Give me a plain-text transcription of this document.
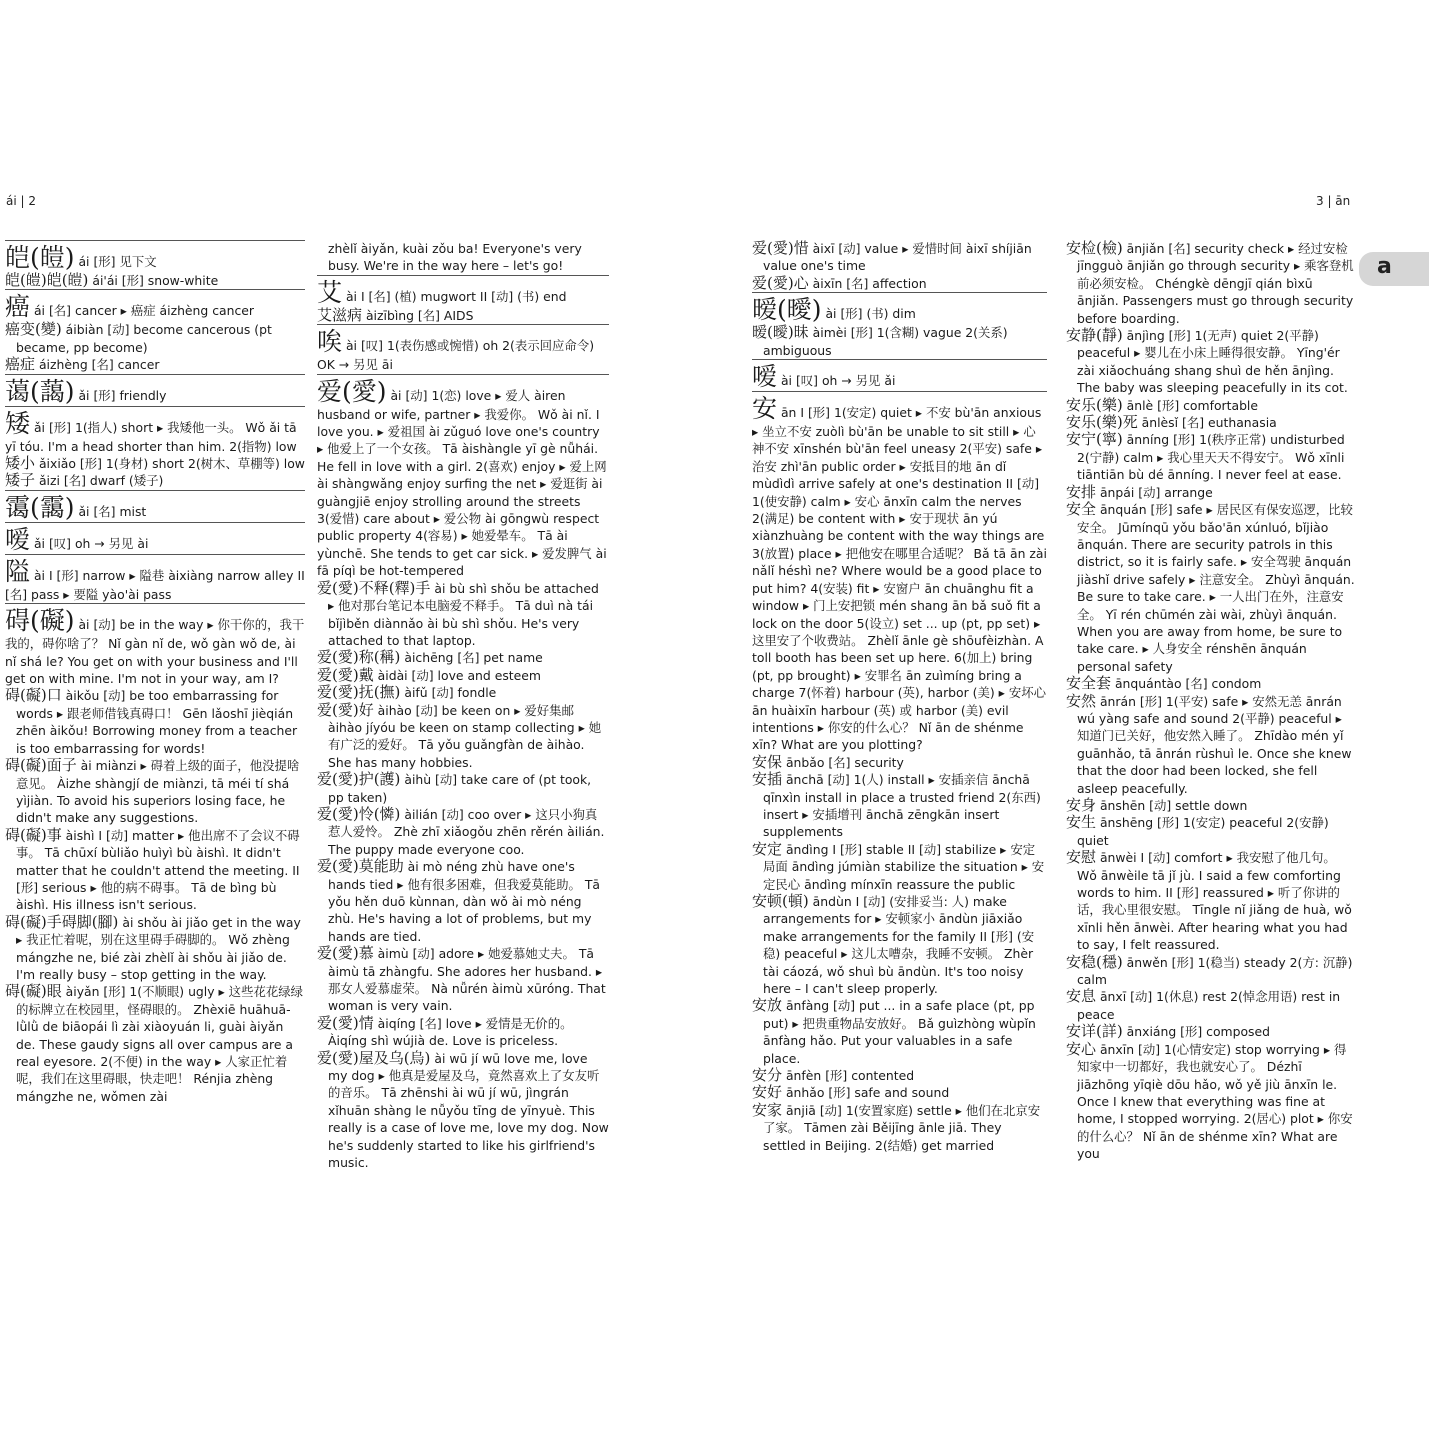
ái | 2	3 | ān
皑(皚) ái [形] 见下文
皑(皚)皑(皚) ái'ái [形] snow-white
癌 ái [名] cancer ▸ 癌症 áizhèng cancer
癌变(變) áibiàn [动] become cancerous (pt became, pp become)
癌症 áizhèng [名] cancer
蔼(藹) ǎi [形] friendly
矮 ǎi [形] 1(指人) short ▸ 我矮他一头。 Wǒ ǎi tā yī tóu. I'm a head shorter than him. 2(指物) low
矮小 ǎixiǎo [形] 1(身材) short 2(树木、草棚等) low
矮子 ǎizi [名] dwarf (矮子)
霭(靄) ǎi [名] mist
嗳 ǎi [叹] oh → 另见 ài
隘 ài I [形] narrow ▸ 隘巷 àixiàng narrow alley II [名] pass ▸ 要隘 yào'ài pass
碍(礙) ài [动] be in the way ▸ 你干你的，我干我的，碍你啥了？ Nǐ gàn nǐ de, wǒ gàn wǒ de, ài nǐ shá le? You get on with your business and I'll get on with mine. I'm not in your way, am I?
碍(礙)口 àikǒu [动] be too embarrassing for words ▸ 跟老师借钱真碍口！ Gēn lǎoshī jièqián zhēn àikǒu! Borrowing money from a teacher is too embarrassing for words!
碍(礙)面子 ài miànzi ▸ 碍着上级的面子，他没提啥意见。 Àizhe shàngjí de miànzi, tā méi tí shá yìjiàn. To avoid his superiors losing face, he didn't make any suggestions.
碍(礙)事 àishì I [动] matter ▸ 他出席不了会议不碍事。 Tā chūxí bùliǎo huìyì bù àishì. It didn't matter that he couldn't attend the meeting. II [形] serious ▸ 他的病不碍事。 Tā de bìng bù àishì. His illness isn't serious.
碍(礙)手碍脚(腳) ài shǒu ài jiǎo get in the way ▸ 我正忙着呢，别在这里碍手碍脚的。 Wǒ zhèng mángzhe ne, bié zài zhèlǐ ài shǒu ài jiǎo de. I'm really busy – stop getting in the way.
碍(礙)眼 àiyǎn [形] 1(不顺眼) ugly ▸ 这些花花绿绿的标牌立在校园里，怪碍眼的。 Zhèxiē huāhuā-lǜlǜ de biāopái lì zài xiàoyuán li, guài àiyǎn de. These gaudy signs all over campus are a real eyesore. 2(不便) in the way ▸ 人家正忙着呢，我们在这里碍眼，快走吧！ Rénjia zhèng mángzhe ne, wǒmen zài
zhèlǐ àiyǎn, kuài zǒu ba! Everyone's very busy. We're in the way here – let's go!
艾 ài I [名] (植) mugwort II [动] (书) end
艾滋病 àizībìng [名] AIDS
唉 ài [叹] 1(表伤感或惋惜) oh 2(表示回应命令) OK → 另见 āi
爱(愛) ài [动] 1(恋) love ▸ 爱人 àiren husband or wife, partner ▸ 我爱你。 Wǒ ài nǐ. I love you. ▸ 爱祖国 ài zǔguó love one's country ▸ 他爱上了一个女孩。 Tā àishàngle yī gè nǚhái. He fell in love with a girl. 2(喜欢) enjoy ▸ 爱上网 ài shàngwǎng enjoy surfing the net ▸ 爱逛街 ài guàngjiē enjoy strolling around the streets 3(爱惜) care about ▸ 爱公物 ài gōngwù respect public property 4(容易) ▸ 她爱晕车。 Tā ài yùnchē. She tends to get car sick. ▸ 爱发脾气 ài fā píqì be hot-tempered
爱(愛)不释(釋)手 ài bù shì shǒu be attached ▸ 他对那台笔记本电脑爱不释手。 Tā duì nà tái bǐjìběn diànnǎo ài bù shì shǒu. He's very attached to that laptop.
爱(愛)称(稱) àichēng [名] pet name
爱(愛)戴 àidài [动] love and esteem
爱(愛)抚(撫) àifǔ [动] fondle
爱(愛)好 àihào [动] be keen on ▸ 爱好集邮 àihào jíyóu be keen on stamp collecting ▸ 她有广泛的爱好。 Tā yǒu guǎngfàn de àihào. She has many hobbies.
爱(愛)护(護) àihù [动] take care of (pt took, pp taken)
爱(愛)怜(憐) àilián [动] coo over ▸ 这只小狗真惹人爱怜。 Zhè zhī xiǎogǒu zhēn rěrén àilián. The puppy made everyone coo.
爱(愛)莫能助 ài mò néng zhù have one's hands tied ▸ 他有很多困难，但我爱莫能助。 Tā yǒu hěn duō kùnnan, dàn wǒ ài mò néng zhù. He's having a lot of problems, but my hands are tied.
爱(愛)慕 àimù [动] adore ▸ 她爱慕她丈夫。 Tā àimù tā zhàngfu. She adores her husband. ▸ 那女人爱慕虚荣。 Nà nǚrén àimù xūróng. That woman is very vain.
爱(愛)情 àiqíng [名] love ▸ 爱情是无价的。 Àiqíng shì wújià de. Love is priceless.
爱(愛)屋及乌(烏) ài wū jí wū love me, love my dog ▸ 他真是爱屋及乌，竟然喜欢上了女友听的音乐。 Tā zhēnshi ài wū jí wū, jìngrán xǐhuān shàng le nǚyǒu tīng de yīnyuè. This really is a case of love me, love my dog. Now he's suddenly started to like his girlfriend's music.
爱(愛)惜 àixī [动] value ▸ 爱惜时间 àixī shíjiān value one's time
爱(愛)心 àixīn [名] affection
暧(曖) ài [形] (书) dim
暧(曖)昧 àimèi [形] 1(含糊) vague 2(关系) ambiguous
嗳 ài [叹] oh → 另见 ǎi
安 ān I [形] 1(安定) quiet ▸ 不安 bù'ān anxious ▸ 坐立不安 zuòlì bù'ān be unable to sit still ▸ 心神不安 xīnshén bù'ān feel uneasy 2(平安) safe ▸ 治安 zhì'ān public order ▸ 安抵目的地 ān dǐ mùdìdì arrive safely at one's destination II [动] 1(使安静) calm ▸ 安心 ānxīn calm the nerves 2(满足) be content with ▸ 安于现状 ān yú xiànzhuàng be content with the way things are 3(放置) place ▸ 把他安在哪里合适呢？ Bǎ tā ān zài nǎlǐ héshì ne? Where would be a good place to put him? 4(安装) fit ▸ 安窗户 ān chuānghu fit a window ▸ 门上安把锁 mén shang ān bǎ suǒ fit a lock on the door 5(设立) set ... up (pt, pp set) ▸ 这里安了个收费站。 Zhèlǐ ānle gè shōufèizhàn. A toll booth has been set up here. 6(加上) bring (pt, pp brought) ▸ 安罪名 ān zuìmíng bring a charge 7(怀着) harbour (英), harbor (美) ▸ 安坏心 ān huàixīn harbour (英) 或 harbor (美) evil intentions ▸ 你安的什么心？ Nǐ ān de shénme xīn? What are you plotting?
安保 ānbǎo [名] security
安插 ānchā [动] 1(人) install ▸ 安插亲信 ānchā qīnxìn install in place a trusted friend 2(东西) insert ▸ 安插增刊 ānchā zēngkān insert supplements
安定 āndìng I [形] stable II [动] stabilize ▸ 安定局面 āndìng júmiàn stabilize the situation ▸ 安定民心 āndìng mínxīn reassure the public
安顿(頓) āndùn I [动] (安排妥当: 人) make arrangements for ▸ 安顿家小 āndùn jiāxiǎo make arrangements for the family II [形] (安稳) peaceful ▸ 这儿太嘈杂，我睡不安顿。 Zhèr tài cáozá, wǒ shuì bù āndùn. It's too noisy here – I can't sleep properly.
安放 ānfàng [动] put ... in a safe place (pt, pp put) ▸ 把贵重物品安放好。 Bǎ guìzhòng wùpǐn ānfàng hǎo. Put your valuables in a safe place.
安分 ānfèn [形] contented
安好 ānhǎo [形] safe and sound
安家 ānjiā [动] 1(安置家庭) settle ▸ 他们在北京安了家。 Tāmen zài Běijīng ānle jiā. They settled in Beijing. 2(结婚) get married
安检(檢) ānjiǎn [名] security check ▸ 经过安检 jīngguò ānjiǎn go through security ▸ 乘客登机前必须安检。 Chéngkè dēngjī qián bìxū ānjiǎn. Passengers must go through security before boarding.
安静(靜) ānjìng [形] 1(无声) quiet 2(平静) peaceful ▸ 婴儿在小床上睡得很安静。 Yīng'ér zài xiǎochuáng shang shuì de hěn ānjìng. The baby was sleeping peacefully in its cot.
安乐(樂) ānlè [形] comfortable
安乐(樂)死 ānlèsǐ [名] euthanasia
安宁(寧) ānníng [形] 1(秩序正常) undisturbed 2(宁静) calm ▸ 我心里天天不得安宁。 Wǒ xīnli tiāntiān bù dé ānníng. I never feel at ease.
安排 ānpái [动] arrange
安全 ānquán [形] safe ▸ 居民区有保安巡逻，比较安全。 Jūmínqū yǒu bǎo'ān xúnluó, bǐjiào ānquán. There are security patrols in this district, so it is fairly safe. ▸ 安全驾驶 ānquán jiàshǐ drive safely ▸ 注意安全。 Zhùyì ānquán. Be sure to take care. ▸ 一人出门在外，注意安全。 Yī rén chūmén zài wài, zhùyì ānquán. When you are away from home, be sure to take care. ▸ 人身安全 rénshēn ānquán personal safety
安全套 ānquántào [名] condom
安然 ānrán [形] 1(平安) safe ▸ 安然无恙 ānrán wú yàng safe and sound 2(平静) peaceful ▸ 知道门已关好，他安然入睡了。 Zhīdào mén yǐ guānhǎo, tā ānrán rùshuì le. Once she knew that the door had been locked, she fell asleep peacefully.
安身 ānshēn [动] settle down
安生 ānshēng [形] 1(安定) peaceful 2(安静) quiet
安慰 ānwèi I [动] comfort ▸ 我安慰了他几句。 Wǒ ānwèile tā jǐ jù. I said a few comforting words to him. II [形] reassured ▸ 听了你讲的话，我心里很安慰。 Tīngle nǐ jiǎng de huà, wǒ xīnli hěn ānwèi. After hearing what you had to say, I felt reassured.
安稳(穩) ānwěn [形] 1(稳当) steady 2(方: 沉静) calm
安息 ānxī [动] 1(休息) rest 2(悼念用语) rest in peace
安详(詳) ānxiáng [形] composed
安心 ānxīn [动] 1(心情安定) stop worrying ▸ 得知家中一切都好，我也就安心了。 Dézhī jiāzhōng yīqiè dōu hǎo, wǒ yě jiù ānxīn le. Once I knew that everything was fine at home, I stopped worrying. 2(居心) plot ▸ 你安的什么心？ Nǐ ān de shénme xīn? What are you
a
